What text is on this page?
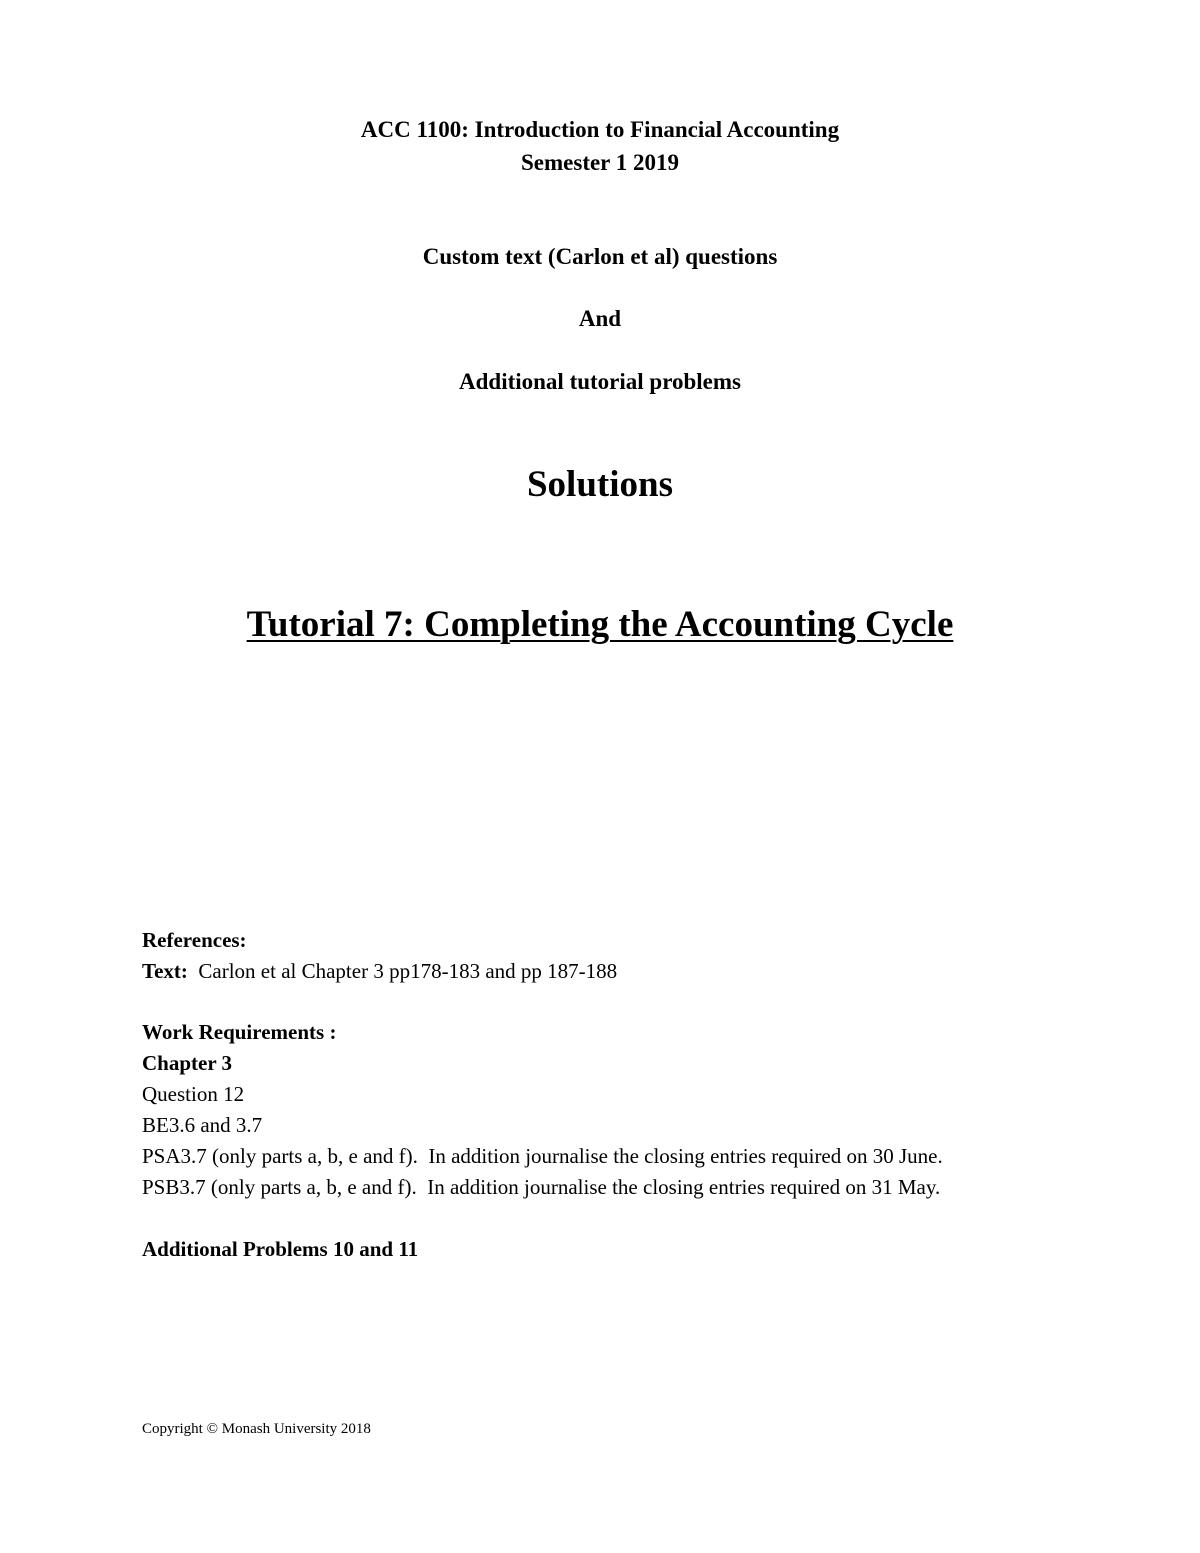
ACC 1100: Introduction to Financial Accounting
Semester 1 2019
Custom text (Carlon et al) questions
And
Additional tutorial problems
Solutions
Tutorial 7: Completing the Accounting Cycle
References:
Text:  Carlon et al Chapter 3 pp178-183 and pp 187-188
Work Requirements :
Chapter 3
Question 12
BE3.6 and 3.7
PSA3.7 (only parts a, b, e and f).  In addition journalise the closing entries required on 30 June.
PSB3.7 (only parts a, b, e and f).  In addition journalise the closing entries required on 31 May.
Additional Problems 10 and 11
Copyright © Monash University 2018
